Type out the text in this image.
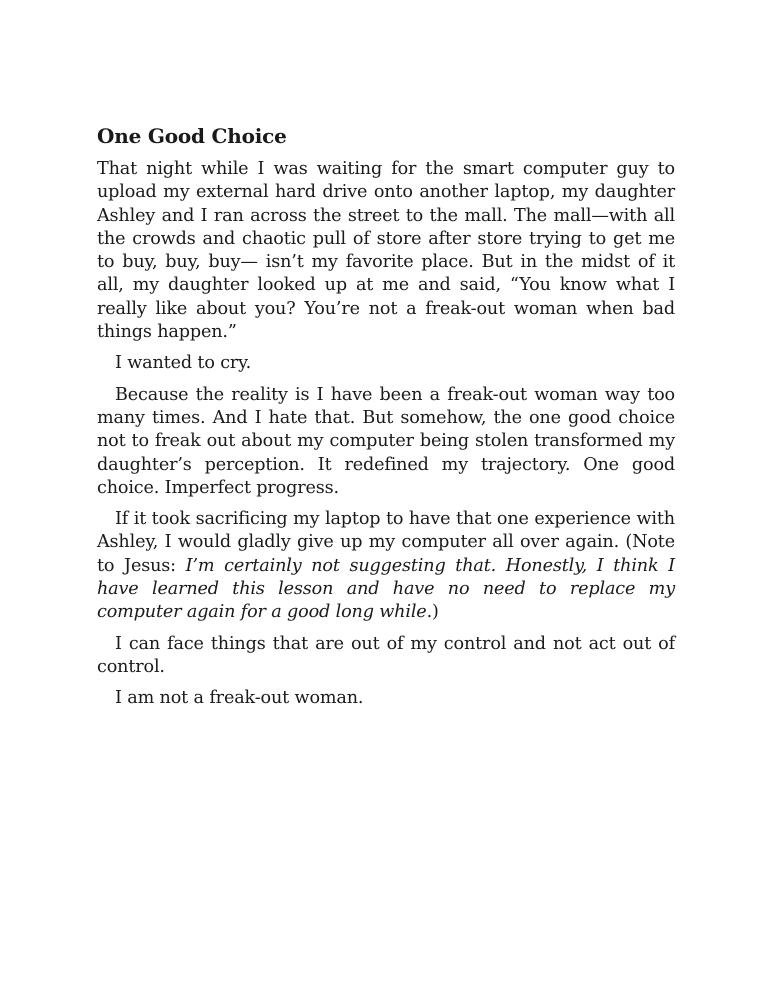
One Good Choice

That night while I was waiting for the smart computer guy to upload my external hard drive onto another laptop, my daughter Ashley and I ran across the street to the mall. The mall—with all the crowds and chaotic pull of store after store trying to get me to buy, buy, buy— isn’t my favorite place. But in the midst of it all, my daughter looked up at me and said, “You know what I really like about you? You’re not a freak-out woman when bad things happen.”

I wanted to cry.

Because the reality is I have been a freak-out woman way too many times. And I hate that. But somehow, the one good choice not to freak out about my computer being stolen transformed my daughter’s perception. It redefined my trajectory. One good choice. Imperfect progress.

If it took sacrificing my laptop to have that one experience with Ashley, I would gladly give up my computer all over again. (Note to Jesus: I’m certainly not suggesting that. Honestly, I think I have learned this lesson and have no need to replace my computer again for a good long while.)

I can face things that are out of my control and not act out of control.

I am not a freak-out woman.
